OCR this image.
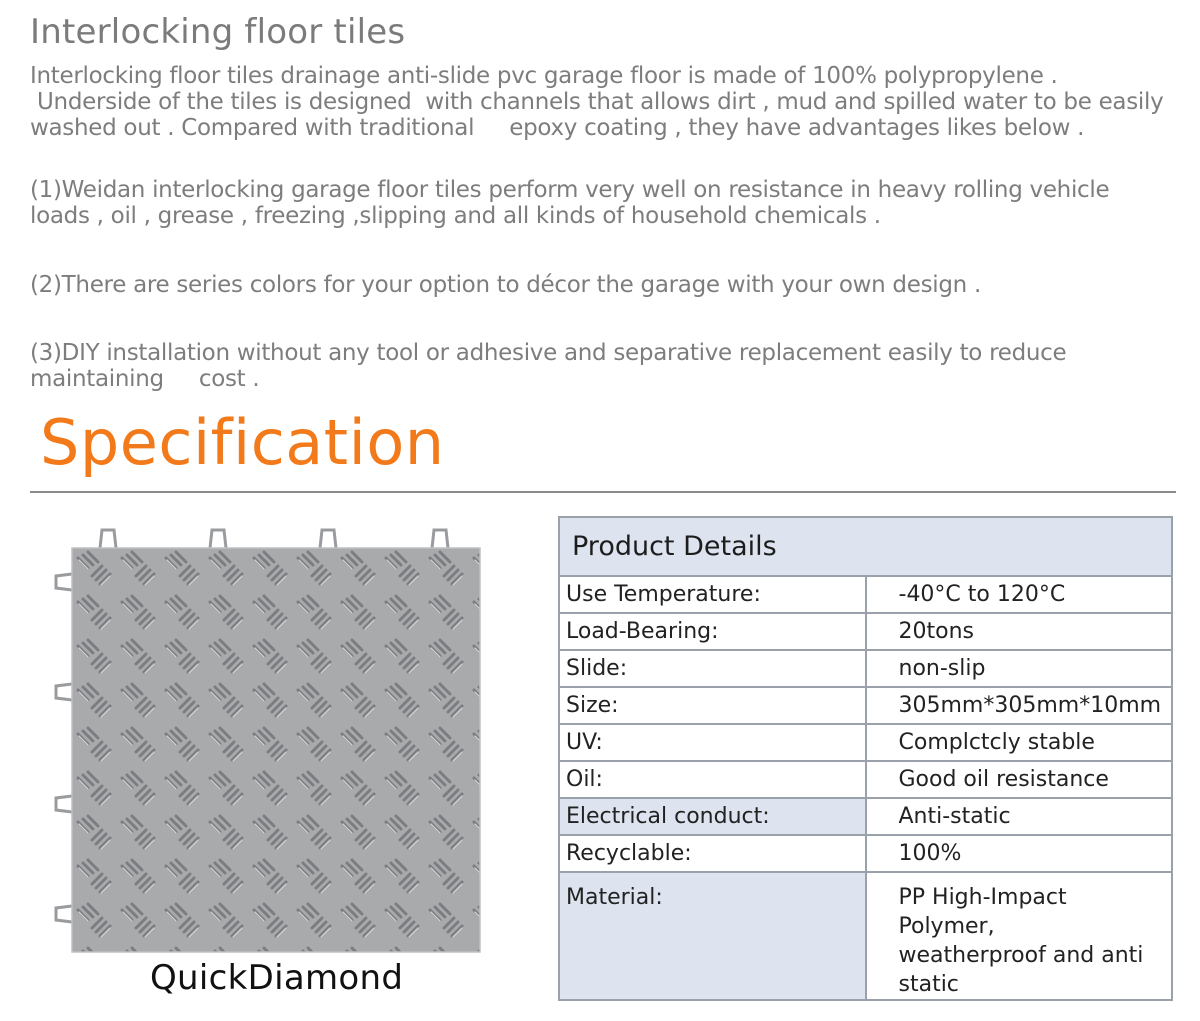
Interlocking floor tiles

Interlocking floor tiles drainage anti-slide pvc garage floor is made of 100% polypropylene .
Underside of the tiles is designed  with channels that allows dirt , mud and spilled water to be easily
washed out . Compared with traditional     epoxy coating , they have advantages likes below .

(1)Weidan interlocking garage floor tiles perform very well on resistance in heavy rolling vehicle
loads , oil , grease , freezing ,slipping and all kinds of household chemicals .

(2)There are series colors for your option to décor the garage with your own design .

(3)DIY installation without any tool or adhesive and separative replacement easily to reduce
maintaining     cost .

Specification
QuickDiamond
Product Details	
Use Temperature:	-40°C to 120°C
Load-Bearing:	20tons
Slide:	non-slip
Size:	305mm*305mm*10mm
UV:	Complctcly stable
Oil:	Good oil resistance
Electrical conduct:	Anti-static
Recyclable:	100%
Material:	PP High-Impact Polymer,
weatherproof and anti static
